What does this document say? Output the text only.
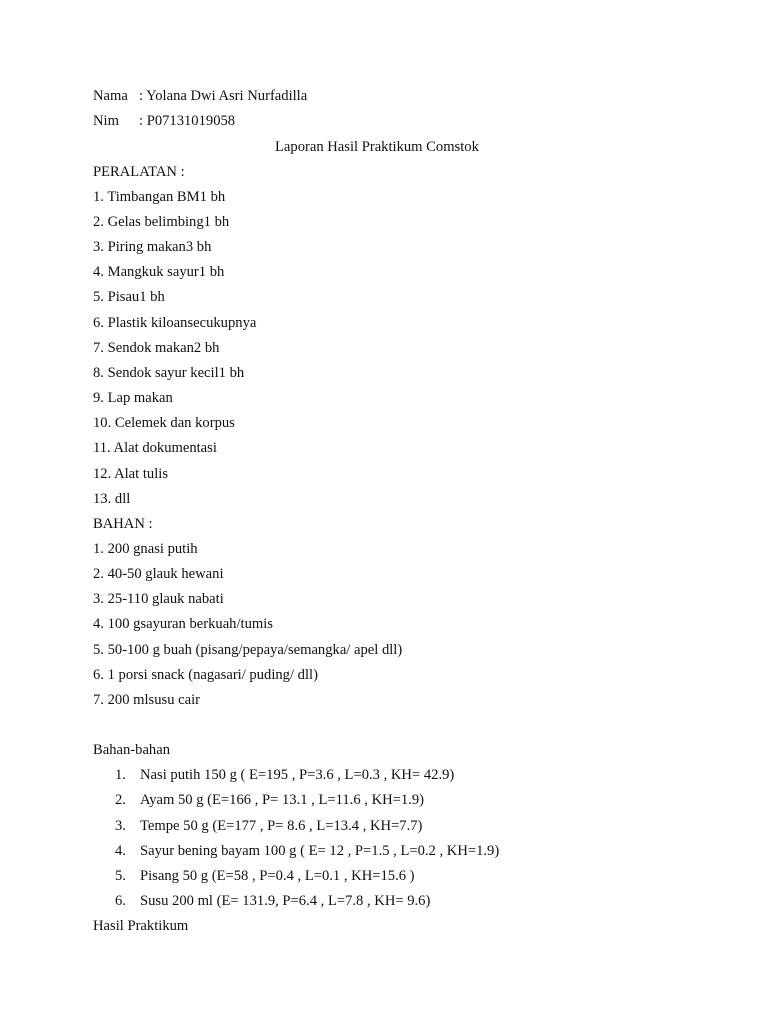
Nama : Yolana Dwi Asri Nurfadilla
Nim : P07131019058
Laporan Hasil Praktikum Comstok
PERALATAN :
1. Timbangan BM1 bh
2. Gelas belimbing1 bh
3. Piring makan3 bh
4. Mangkuk sayur1 bh
5. Pisau1 bh
6. Plastik kiloansecukupnya
7. Sendok makan2 bh
8. Sendok sayur kecil1 bh
9. Lap makan
10. Celemek dan korpus
11. Alat dokumentasi
12. Alat tulis
13. dll
BAHAN :
1. 200 gnasi putih
2. 40-50 glauk hewani
3. 25-110 glauk nabati
4. 100 gsayuran berkuah/tumis
5. 50-100 g buah (pisang/pepaya/semangka/ apel dll)
6. 1 porsi snack (nagasari/ puding/ dll)
7. 200 mlsusu cair
Bahan-bahan
1. Nasi putih 150 g ( E=195 , P=3.6 , L=0.3 , KH= 42.9)
2. Ayam 50 g (E=166 , P= 13.1 , L=11.6 , KH=1.9)
3. Tempe 50 g (E=177 , P= 8.6 , L=13.4 , KH=7.7)
4. Sayur bening bayam 100 g ( E= 12 , P=1.5 , L=0.2 , KH=1.9)
5. Pisang 50 g (E=58 , P=0.4 , L=0.1 , KH=15.6 )
6. Susu 200 ml (E= 131.9, P=6.4 , L=7.8 , KH= 9.6)
Hasil Praktikum
